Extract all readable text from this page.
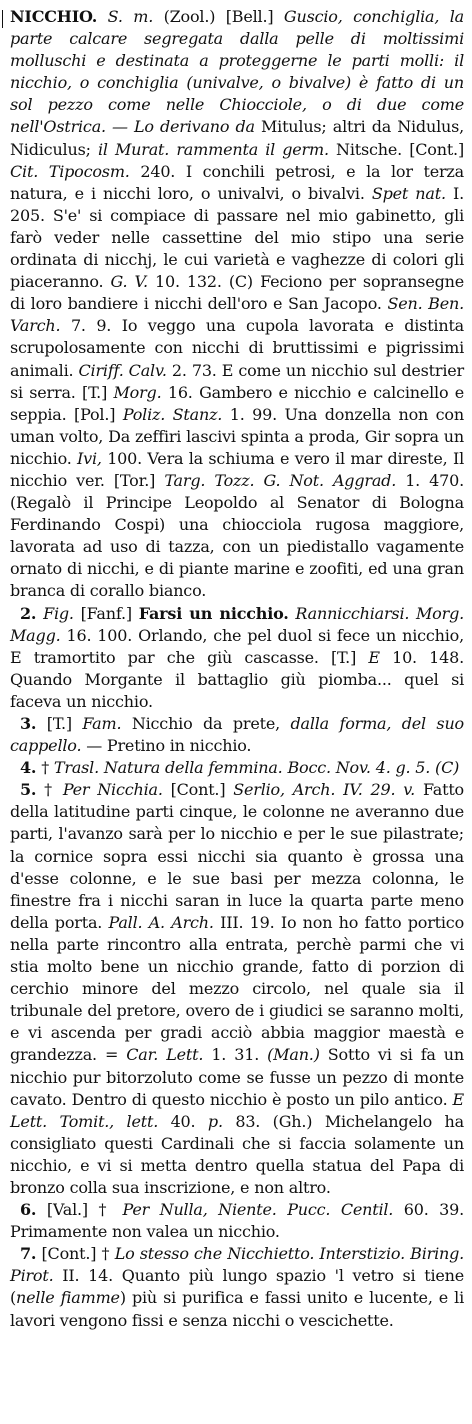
NICCHIO. S. m. (Zool.) [Bell.] Guscio, conchiglia, la parte calcare segregata dalla pelle di moltissimi molluschi e destinata a proteggerne le parti molli: il nicchio, o conchiglia (univalve, o bivalve) è fatto di un sol pezzo come nelle Chiocciole, o di due come nell'Ostrica. — Lo derivano da Mitulus; altri da Nidulus, Nidiculus; il Murat. rammenta il germ. Nitsche. [Cont.] Cit. Tipocosm. 240. I conchili petrosi, e la lor terza natura, e i nicchi loro, o univalvi, o bivalvi. Spet nat. I. 205. S'e' si compiace di passare nel mio gabinetto, gli farò veder nelle cassettine del mio stipo una serie ordinata di nicchj, le cui varietà e vaghezze di colori gli piaceranno. G. V. 10. 132. (C) Feciono per sopransegne di loro bandiere i nicchi dell'oro e San Jacopo. Sen. Ben. Varch. 7. 9. Io veggo una cupola lavorata e distinta scrupolosamente con nicchi di bruttissimi e pigrissimi animali. Ciriff. Calv. 2. 73. E come un nicchio sul destrier si serra. [T.] Morg. 16. Gambero e nicchio e calcinello e seppia. [Pol.] Poliz. Stanz. 1. 99. Una donzella non con uman volto, Da zeffiri lascivi spinta a proda, Gir sopra un nicchio. Ivi, 100. Vera la schiuma e vero il mar direste, Il nicchio ver. [Tor.] Targ. Tozz. G. Not. Aggrad. 1. 470. (Regalò il Principe Leopoldo al Senator di Bologna Ferdinando Cospi) una chiocciola rugosa maggiore, lavorata ad uso di tazza, con un piedistallo vagamente ornato di nicchi, e di piante marine e zoofiti, ed una gran branca di corallo bianco.
2. Fig. [Fanf.] Farsi un nicchio. Rannicchiarsi. Morg. Magg. 16. 100. Orlando, che pel duol si fece un nicchio, E tramortito par che giù cascasse. [T.] E 10. 148. Quando Morgante il battaglio giù piomba... quel si faceva un nicchio.
3. [T.] Fam. Nicchio da prete, dalla forma, del suo cappello. — Pretino in nicchio.
4. † Trasl. Natura della femmina. Bocc. Nov. 4. g. 5. (C)
5. † Per Nicchia. [Cont.] Serlio, Arch. IV. 29. v. Fatto della latitudine parti cinque, le colonne ne averanno due parti, l'avanzo sarà per lo nicchio e per le sue pilastrate; la cornice sopra essi nicchi sia quanto è grossa una d'esse colonne, e le sue basi per mezza colonna, le finestre fra i nicchi saran in luce la quarta parte meno della porta. Pall. A. Arch. III. 19. Io non ho fatto portico nella parte rincontro alla entrata, perchè parmi che vi stia molto bene un nicchio grande, fatto di porzion di cerchio minore del mezzo circolo, nel quale sia il tribunale del pretore, overo de i giudici se saranno molti, e vi ascenda per gradi acciò abbia maggior maestà e grandezza. = Car. Lett. 1. 31. (Man.) Sotto vi si fa un nicchio pur bitorzoluto come se fusse un pezzo di monte cavato. Dentro di questo nicchio è posto un pilo antico. E Lett. Tomit., lett. 40. p. 83. (Gh.) Michelangelo ha consigliato questi Cardinali che si faccia solamente un nicchio, e vi si metta dentro quella statua del Papa di bronzo colla sua inscrizione, e non altro.
6. [Val.] † Per Nulla, Niente. Pucc. Centil. 60. 39. Primamente non valea un nicchio.
7. [Cont.] † Lo stesso che Nicchietto. Interstizio. Biring. Pirot. II. 14. Quanto più lungo spazio 'l vetro si tiene (nelle fiamme) più si purifica e fassi unito e lucente, e li lavori vengono fissi e senza nicchi o vescichette.
